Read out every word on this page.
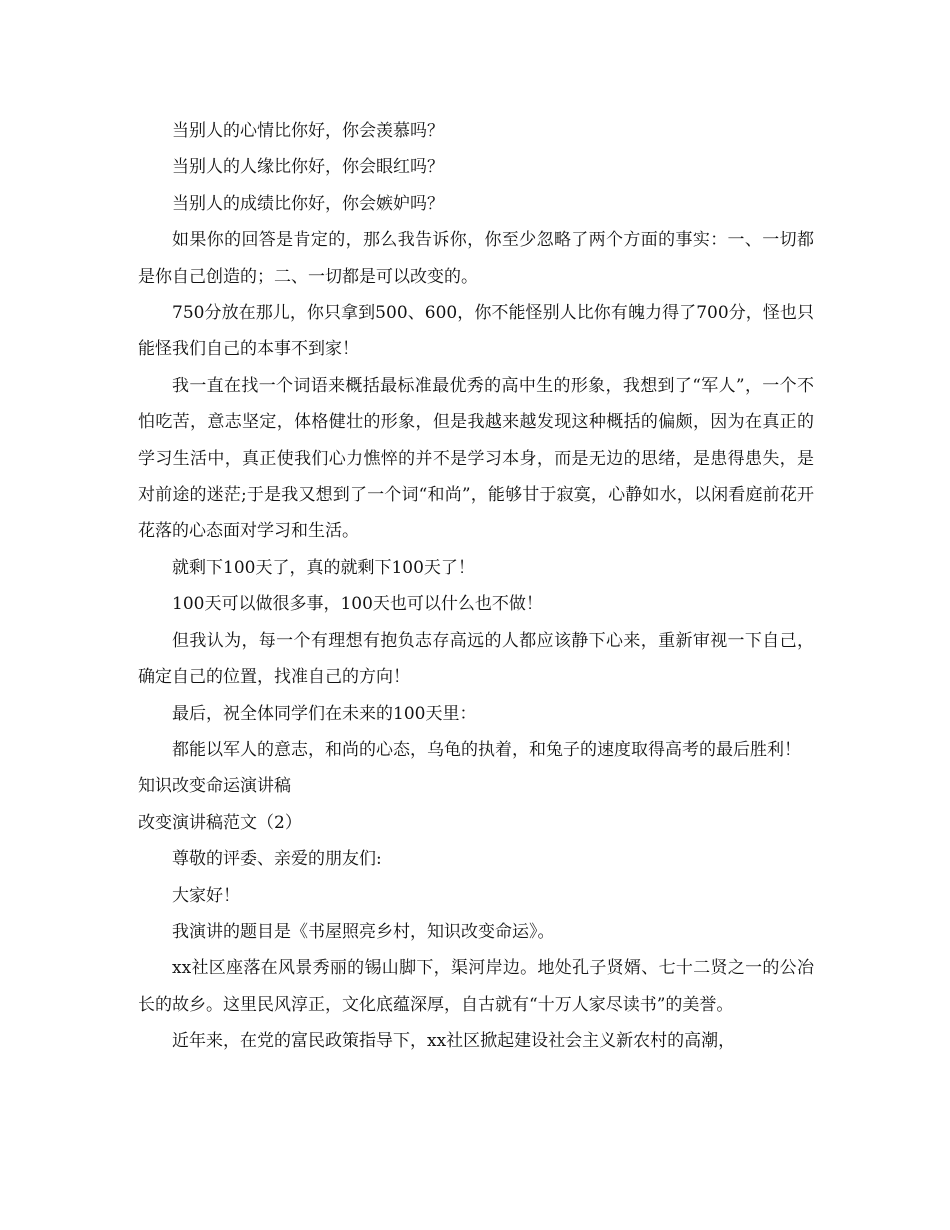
当别人的心情比你好，你会羡慕吗？

当别人的人缘比你好，你会眼红吗？

当别人的成绩比你好，你会嫉妒吗？

如果你的回答是肯定的，那么我告诉你，你至少忽略了两个方面的事实：一、一切都是你自己创造的；二、一切都是可以改变的。

750分放在那儿，你只拿到500、600，你不能怪别人比你有魄力得了700分，怪也只能怪我们自己的本事不到家！

我一直在找一个词语来概括最标准最优秀的高中生的形象，我想到了“军人”，一个不怕吃苦，意志坚定，体格健壮的形象，但是我越来越发现这种概括的偏颇，因为在真正的学习生活中，真正使我们心力憔悴的并不是学习本身，而是无边的思绪，是患得患失，是对前途的迷茫;于是我又想到了一个词“和尚”，能够甘于寂寞，心静如水，以闲看庭前花开花落的心态面对学习和生活。

就剩下100天了，真的就剩下100天了！

100天可以做很多事，100天也可以什么也不做！

但我认为，每一个有理想有抱负志存高远的人都应该静下心来，重新审视一下自己，确定自己的位置，找准自己的方向！

最后，祝全体同学们在未来的100天里：

都能以军人的意志，和尚的心态，乌龟的执着，和兔子的速度取得高考的最后胜利！

知识改变命运演讲稿

改变演讲稿范文（2）

尊敬的评委、亲爱的朋友们:

大家好！

我演讲的题目是《书屋照亮乡村，知识改变命运》。

xx社区座落在风景秀丽的锡山脚下，渠河岸边。地处孔子贤婿、七十二贤之一的公冶长的故乡。这里民风淳正，文化底蕴深厚，自古就有“十万人家尽读书”的美誉。

近年来，在党的富民政策指导下，xx社区掀起建设社会主义新农村的高潮，
